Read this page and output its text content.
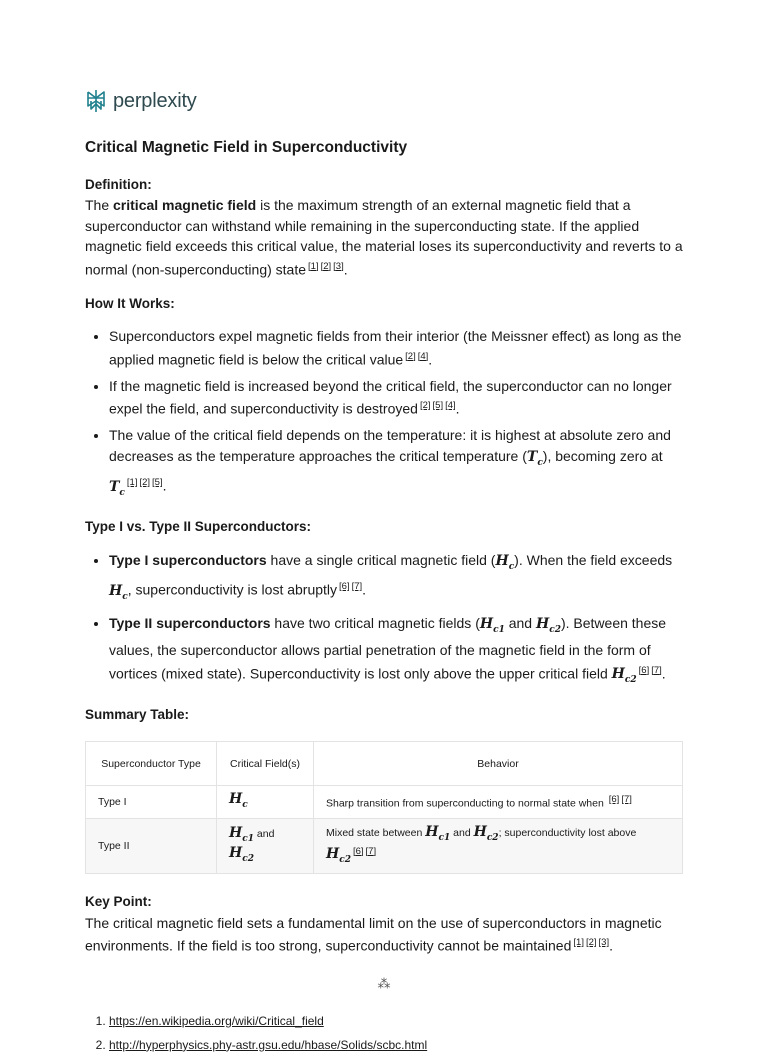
perplexity
Critical Magnetic Field in Superconductivity

Definition:

The critical magnetic field is the maximum strength of an external magnetic field that a superconductor can withstand while remaining in the superconducting state. If the applied magnetic field exceeds this critical value, the material loses its superconductivity and reverts to a normal (non-superconducting) state [1] [2] [3].

How It Works:

• Superconductors expel magnetic fields from their interior (the Meissner effect) as long as the applied magnetic field is below the critical value [2] [4].
• If the magnetic field is increased beyond the critical field, the superconductor can no longer expel the field, and superconductivity is destroyed [2] [5] [4].
• The value of the critical field depends on the temperature: it is highest at absolute zero and decreases as the temperature approaches the critical temperature $(T_c)$, becoming zero at $T_c[1]$ [2] [5].

Type I vs. Type II Superconductors:

• Type I superconductors have a single critical magnetic field $(H_c)$. When the field exceeds $H_c$, superconductivity is lost abruptly [6] [7].
• Type II superconductors have two critical magnetic fields ($H_{c1}$ and $H_{c2}$). Between these values, the superconductor allows partial penetration of the magnetic field in the form of vortices (mixed state). Superconductivity is lost only above the upper critical field $H_{c2}[6]$ [7].

Summary Table:

Superconductor Type	Critical Field(s)	Behavior
Type I	$H_c$	Sharp transition from superconducting to normal state when [6] [7]
Type II	$H_{c1}$ and $H_{c2}$	Mixed state between $H_{c1}$ and $H_{c2}$; superconductivity lost above $H_{c2}[6]$ [7]

Key Point:

The critical magnetic field sets a fundamental limit on the use of superconductors in magnetic environments. If the field is too strong, superconductivity cannot be maintained [1] [2] [3].

⁂
1. https://en.wikipedia.org/wiki/Critical_field
2. http://hyperphysics.phy-astr.gsu.edu/hbase/Solids/scbc.html
